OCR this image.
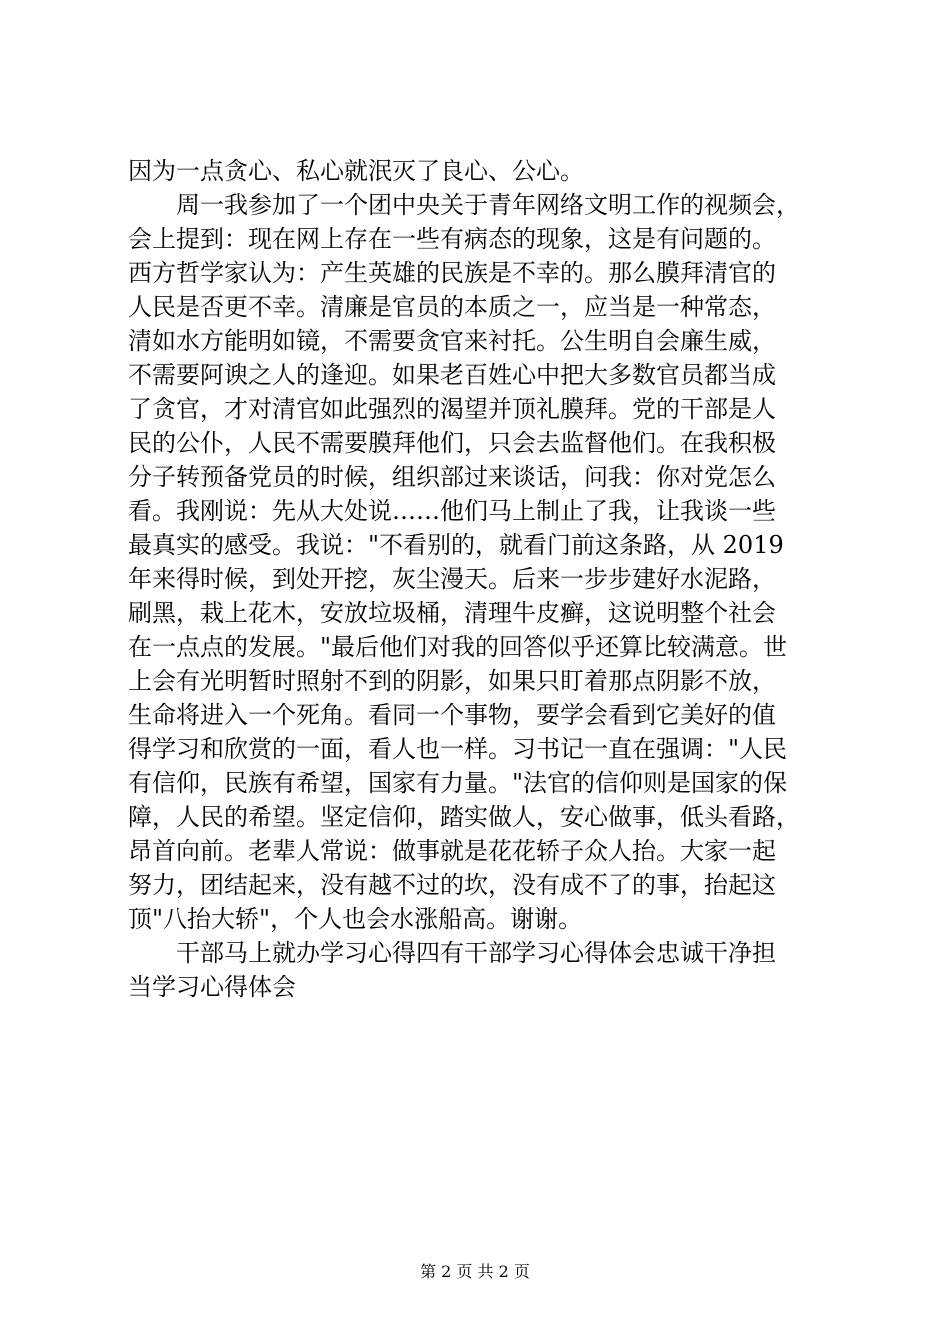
因为一点贪心、私心就泯灭了良心、公心。
周一我参加了一个团中央关于青年网络文明工作的视频会，
会上提到：现在网上存在一些有病态的现象，这是有问题的。
西方哲学家认为：产生英雄的民族是不幸的。那么膜拜清官的
人民是否更不幸。清廉是官员的本质之一，应当是一种常态，
清如水方能明如镜，不需要贪官来衬托。公生明自会廉生威，
不需要阿谀之人的逢迎。如果老百姓心中把大多数官员都当成
了贪官，才对清官如此强烈的渴望并顶礼膜拜。党的干部是人
民的公仆，人民不需要膜拜他们，只会去监督他们。在我积极
分子转预备党员的时候，组织部过来谈话，问我：你对党怎么
看。我刚说：先从大处说……他们马上制止了我，让我谈一些
最真实的感受。我说："不看别的，就看门前这条路，从 2019
年来得时候，到处开挖，灰尘漫天。后来一步步建好水泥路，
刷黑，栽上花木，安放垃圾桶，清理牛皮癣，这说明整个社会
在一点点的发展。"最后他们对我的回答似乎还算比较满意。世
上会有光明暂时照射不到的阴影，如果只盯着那点阴影不放，
生命将进入一个死角。看同一个事物，要学会看到它美好的值
得学习和欣赏的一面，看人也一样。习书记一直在强调："人民
有信仰，民族有希望，国家有力量。"法官的信仰则是国家的保
障，人民的希望。坚定信仰，踏实做人，安心做事，低头看路，
昂首向前。老辈人常说：做事就是花花轿子众人抬。大家一起
努力，团结起来，没有越不过的坎，没有成不了的事，抬起这
顶"八抬大轿"，个人也会水涨船高。谢谢。
干部马上就办学习心得四有干部学习心得体会忠诚干净担
当学习心得体会
第 2 页 共 2 页
